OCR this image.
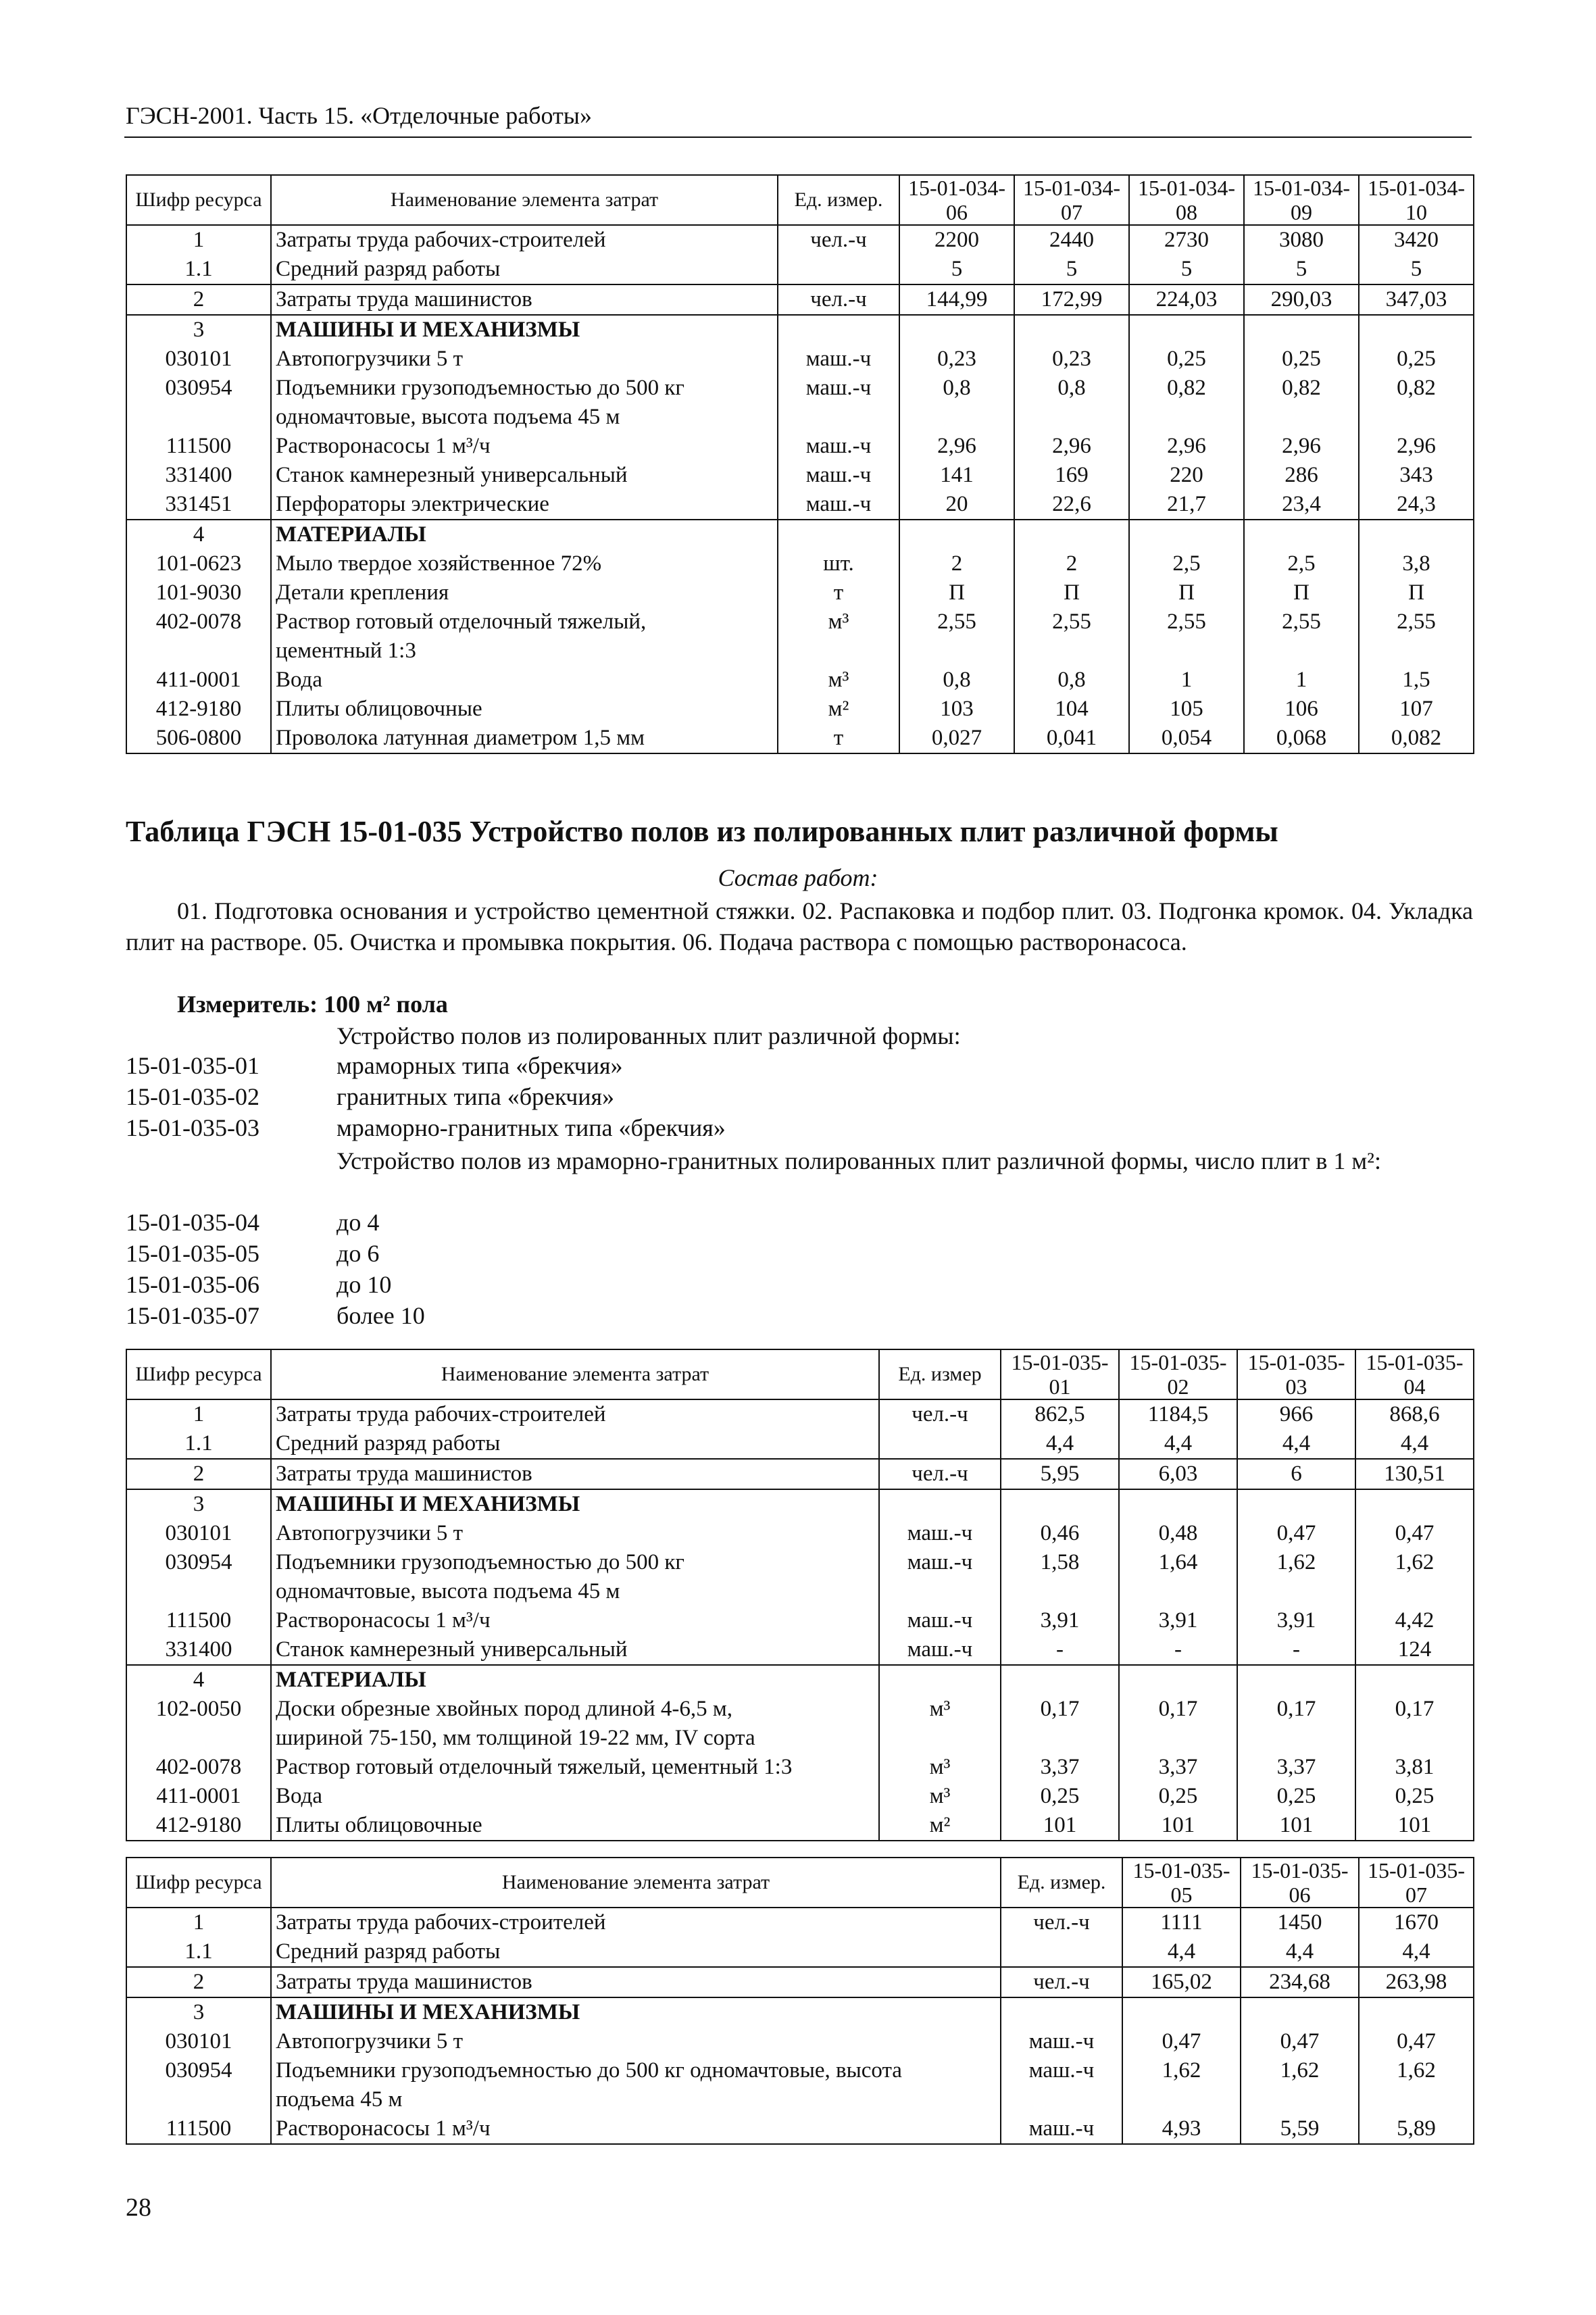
ГЭСН-2001. Часть 15. «Отделочные работы»
Шифр ресурса	Наименование элемента затрат	Ед. измер.	15-01-034-06	15-01-034-07	15-01-034-08	15-01-034-09	15-01-034-10
1	Затраты труда рабочих-строителей	чел.-ч	2200	2440	2730	3080	3420
1.1	Средний разряд работы		5	5	5	5	5
2	Затраты труда машинистов	чел.-ч	144,99	172,99	224,03	290,03	347,03
3	МАШИНЫ И МЕХАНИЗМЫ						

030101	Автопогрузчики 5 т	маш.-ч	0,23	0,23	0,25	0,25	0,25
030954	Подъемники грузоподъемностью до 500 кг
одномачтовые, высота подъема 45 м	маш.-ч	0,8	0,8	0,82	0,82	0,82
111500	Растворонасосы 1 м³/ч	маш.-ч	2,96	2,96	2,96	2,96	2,96
331400	Станок камнерезный универсальный	маш.-ч	141	169	220	286	343
331451	Перфораторы электрические	маш.-ч	20	22,6	21,7	23,4	24,3
4	МАТЕРИАЛЫ						

101-0623	Мыло твердое хозяйственное 72%	шт.	2	2	2,5	2,5	3,8
101-9030	Детали крепления	т	П	П	П	П	П
402-0078	Раствор готовый отделочный тяжелый,
цементный 1:3	м³	2,55	2,55	2,55	2,55	2,55
411-0001	Вода	м³	0,8	0,8	1	1	1,5
412-9180	Плиты облицовочные	м²	103	104	105	106	107
506-0800	Проволока латунная диаметром 1,5 мм	т	0,027	0,041	0,054	0,068	0,082
Таблица ГЭСН 15-01-035 Устройство полов из полированных плит различной формы
Состав работ:
01. Подготовка основания и устройство цементной стяжки. 02. Распаковка и подбор плит. 03. Подгонка кромок. 04. Укладка плит на растворе. 05. Очистка и промывка покрытия. 06. Подача раствора с помощью растворонасоса.
Измеритель: 100 м² пола
Устройство полов из полированных плит различной формы:
15-01-035-01	мраморных типа «брекчия»
15-01-035-02	гранитных типа «брекчия»
15-01-035-03	мраморно-гранитных типа «брекчия»
Устройство полов из мраморно-гранитных полированных плит различной формы, число плит в 1 м²:
15-01-035-04	до 4
15-01-035-05	до 6
15-01-035-06	до 10
15-01-035-07	более 10
Шифр ресурса	Наименование элемента затрат	Ед. измер	15-01-035-01	15-01-035-02	15-01-035-03	15-01-035-04
1	Затраты труда рабочих-строителей	чел.-ч	862,5	1184,5	966	868,6
1.1	Средний разряд работы		4,4	4,4	4,4	4,4
2	Затраты труда машинистов	чел.-ч	5,95	6,03	6	130,51
3	МАШИНЫ И МЕХАНИЗМЫ					

030101	Автопогрузчики 5 т	маш.-ч	0,46	0,48	0,47	0,47
030954	Подъемники грузоподъемностью до 500 кг
одномачтовые, высота подъема 45 м	маш.-ч	1,58	1,64	1,62	1,62
111500	Растворонасосы 1 м³/ч	маш.-ч	3,91	3,91	3,91	4,42
331400	Станок камнерезный универсальный	маш.-ч	-	-	-	124
4	МАТЕРИАЛЫ					

102-0050	Доски обрезные хвойных пород длиной 4-6,5 м,
шириной 75-150, мм толщиной 19-22 мм, IV сорта	м³	0,17	0,17	0,17	0,17
402-0078	Раствор готовый отделочный тяжелый, цементный 1:3	м³	3,37	3,37	3,37	3,81
411-0001	Вода	м³	0,25	0,25	0,25	0,25
412-9180	Плиты облицовочные	м²	101	101	101	101
Шифр ресурса	Наименование элемента затрат	Ед. измер.	15-01-035-05	15-01-035-06	15-01-035-07
1	Затраты труда рабочих-строителей	чел.-ч	1111	1450	1670
1.1	Средний разряд работы		4,4	4,4	4,4
2	Затраты труда машинистов	чел.-ч	165,02	234,68	263,98
3	МАШИНЫ И МЕХАНИЗМЫ				

030101	Автопогрузчики 5 т	маш.-ч	0,47	0,47	0,47
030954	Подъемники грузоподъемностью до 500 кг одномачтовые, высота
подъема 45 м	маш.-ч	1,62	1,62	1,62
111500	Растворонасосы 1 м³/ч	маш.-ч	4,93	5,59	5,89
28
